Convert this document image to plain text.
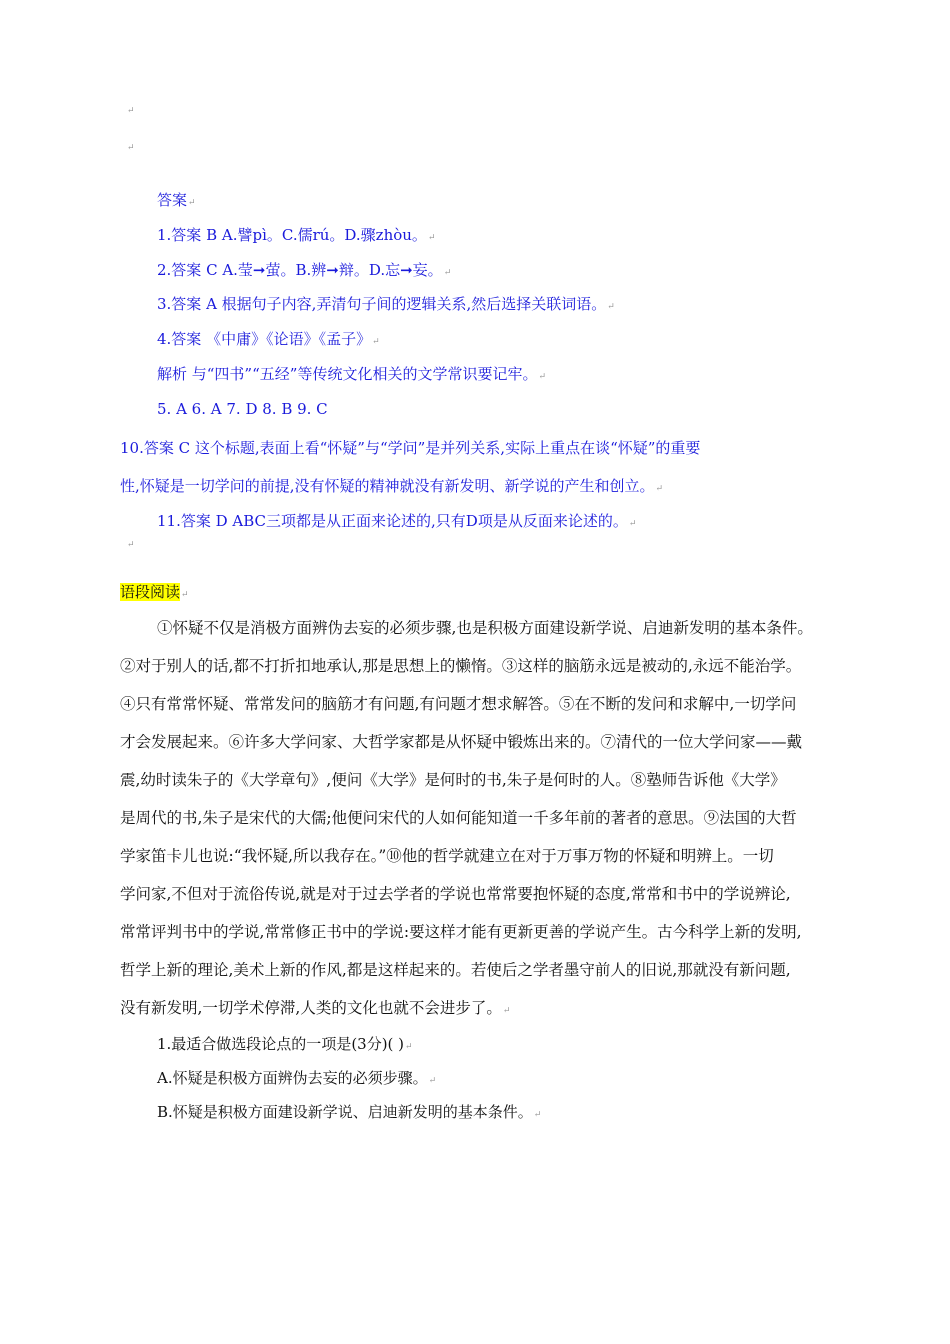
↵
↵
答案↵
1.答案 B A.譬pì。C.儒rú。D.骤zhòu。↵
2.答案 C A.莹➞萤。B.辨➞辩。D.忘➞妄。↵
3.答案 A 根据句子内容,弄清句子间的逻辑关系,然后选择关联词语。↵
4.答案 《中庸》《论语》《孟子》↵
解析 与“四书”“五经”等传统文化相关的文学常识要记牢。↵
5. A 6. A 7. D 8. B 9. C
10.答案 C 这个标题,表面上看“怀疑”与“学问”是并列关系,实际上重点在谈“怀疑”的重要
性,怀疑是一切学问的前提,没有怀疑的精神就没有新发明、新学说的产生和创立。↵
11.答案 D ABC三项都是从正面来论述的,只有D项是从反面来论述的。↵
↵
语段阅读↵
①怀疑不仅是消极方面辨伪去妄的必须步骤,也是积极方面建设新学说、启迪新发明的基本条件。
②对于别人的话,都不打折扣地承认,那是思想上的懒惰。③这样的脑筋永远是被动的,永远不能治学。
④只有常常怀疑、常常发问的脑筋才有问题,有问题才想求解答。⑤在不断的发问和求解中,一切学问
才会发展起来。⑥许多大学问家、大哲学家都是从怀疑中锻炼出来的。⑦清代的一位大学问家——戴
震,幼时读朱子的《大学章句》,便问《大学》是何时的书,朱子是何时的人。⑧塾师告诉他《大学》
是周代的书,朱子是宋代的大儒;他便问宋代的人如何能知道一千多年前的著者的意思。⑨法国的大哲
学家笛卡儿也说:“我怀疑,所以我存在。”⑩他的哲学就建立在对于万事万物的怀疑和明辨上。一切
学问家,不但对于流俗传说,就是对于过去学者的学说也常常要抱怀疑的态度,常常和书中的学说辨论,
常常评判书中的学说,常常修正书中的学说:要这样才能有更新更善的学说产生。古今科学上新的发明,
哲学上新的理论,美术上新的作风,都是这样起来的。若使后之学者墨守前人的旧说,那就没有新问题,
没有新发明,一切学术停滞,人类的文化也就不会进步了。↵
1.最适合做选段论点的一项是(3分)( )↵
A.怀疑是积极方面辨伪去妄的必须步骤。↵
B.怀疑是积极方面建设新学说、启迪新发明的基本条件。↵
